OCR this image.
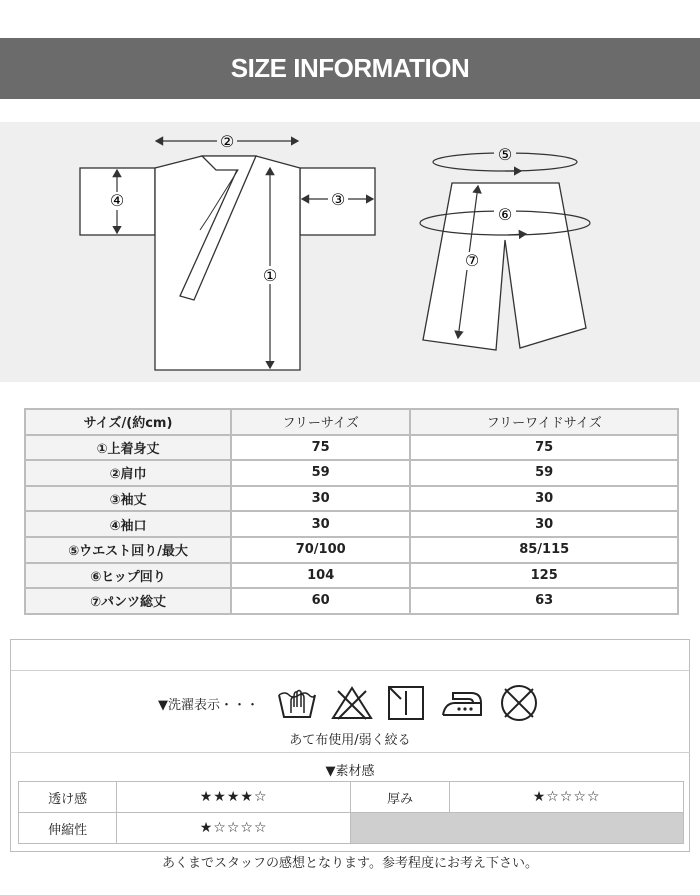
SIZE INFORMATION
②
④	③
①
⑤
⑥
⑦
サイズ/(約cm)	フリーサイズ	フリーワイドサイズ
①上着身丈	75	75
②肩巾	59	59
③袖丈	30	30
④袖口	30	30
⑤ウエスト回り/最大	70/100	85/115
⑥ヒップ回り	104	125
⑦パンツ総丈	60	63
▼洗濯表示・・・
あて布使用/弱く絞る
▼素材感
透け感	★★★★☆	厚み	★☆☆☆☆
伸縮性	★☆☆☆☆		
あくまでスタッフの感想となります。参考程度にお考え下さい。
